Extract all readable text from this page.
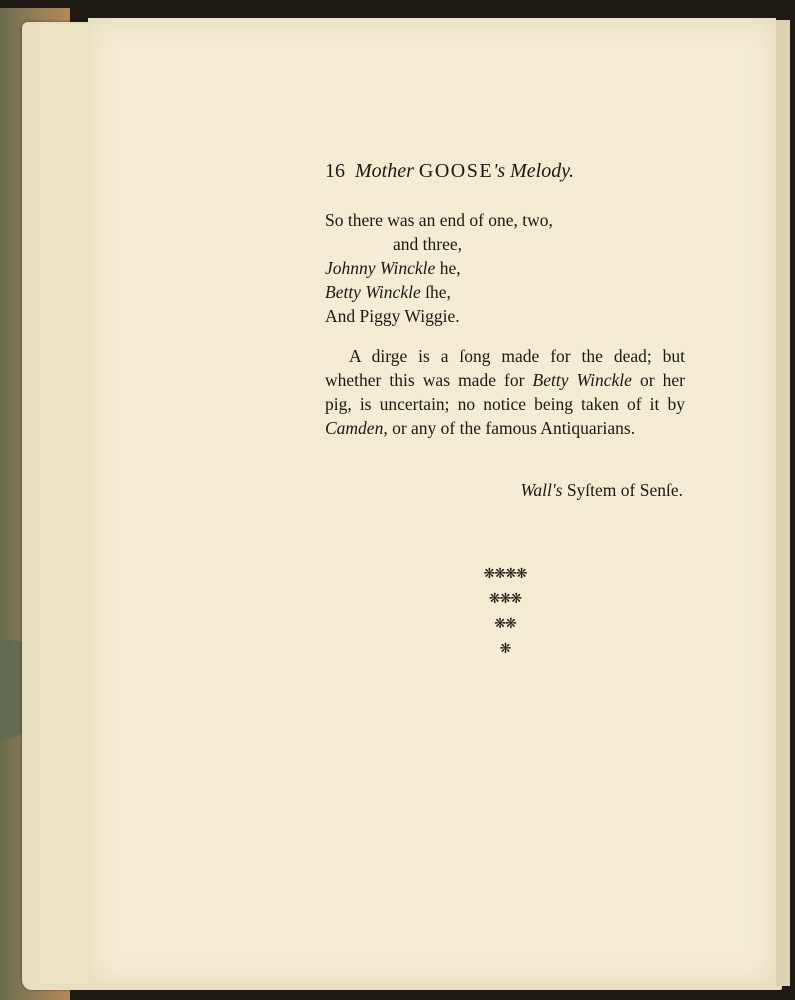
16 Mother GOOSE's Melody.
So there was an end of one, two,
and three,
Johnny Winckle he,
Betty Winckle ſhe,
And Piggy Wiggie.

A dirge is a ſong made for the dead; but whether this was made for Betty Winckle or her pig, is uncertain; no notice being taken of it by Camden, or any of the famous Antiquarians.

Wall's Syſtem of Senſe.
❋❋❋❋
❋❋❋
❋❋
❋
